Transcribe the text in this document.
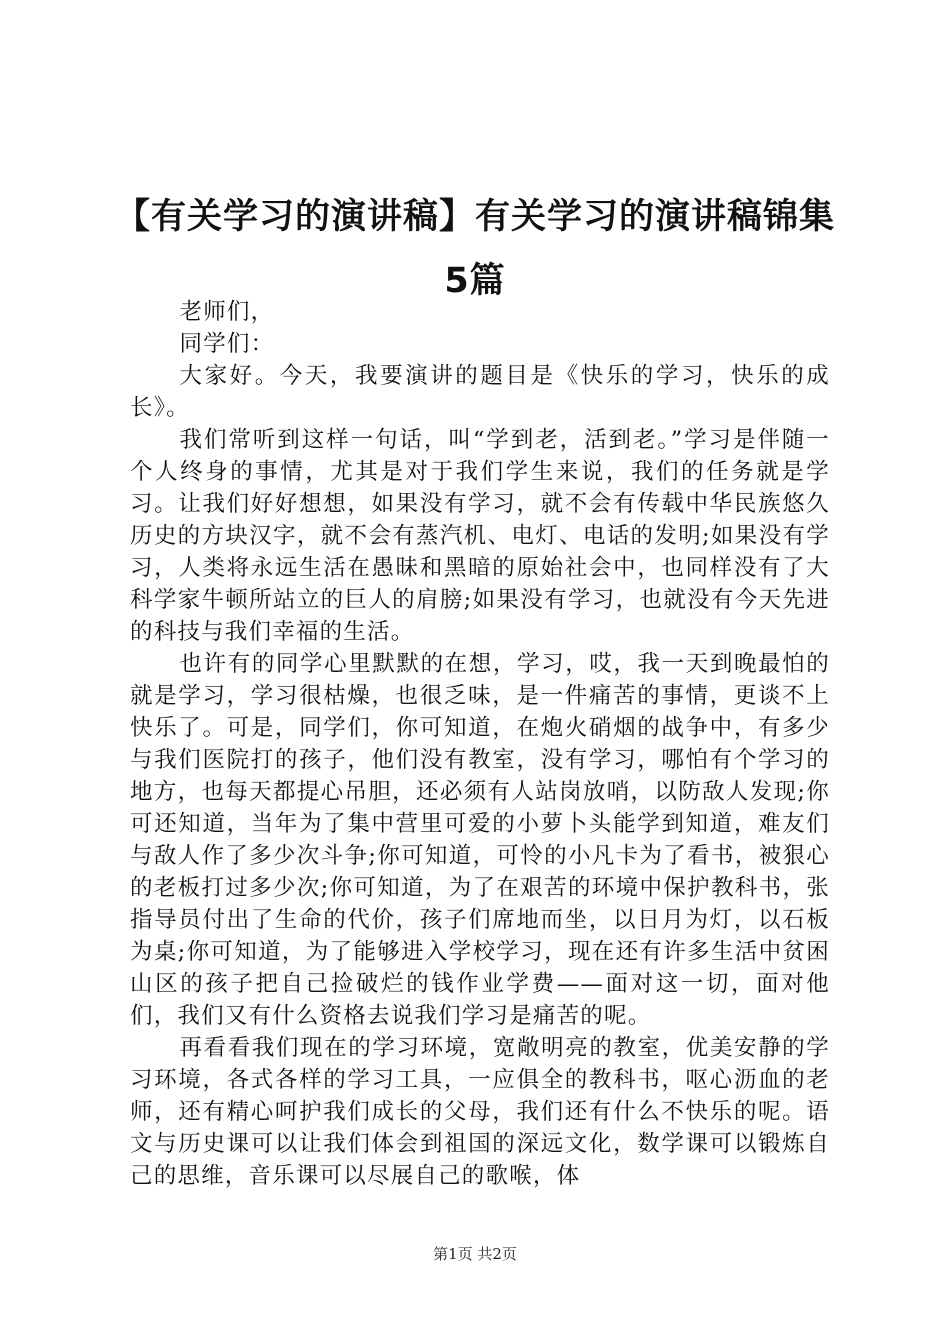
【有关学习的演讲稿】有关学习的演讲稿锦集
5篇

老师们，

同学们：

大家好。今天，我要演讲的题目是《快乐的学习，快乐的成长》。

我们常听到这样一句话，叫“学到老，活到老。”学习是伴随一个人终身的事情，尤其是对于我们学生来说，我们的任务就是学习。让我们好好想想，如果没有学习，就不会有传载中华民族悠久历史的方块汉字，就不会有蒸汽机、电灯、电话的发明;如果没有学习，人类将永远生活在愚昧和黑暗的原始社会中，也同样没有了大科学家牛顿所站立的巨人的肩膀;如果没有学习，也就没有今天先进的科技与我们幸福的生活。

也许有的同学心里默默的在想，学习，哎，我一天到晚最怕的就是学习，学习很枯燥，也很乏味，是一件痛苦的事情，更谈不上快乐了。可是，同学们，你可知道，在炮火硝烟的战争中，有多少与我们医院打的孩子，他们没有教室，没有学习，哪怕有个学习的地方，也每天都提心吊胆，还必须有人站岗放哨，以防敌人发现;你可还知道，当年为了集中营里可爱的小萝卜头能学到知道，难友们与敌人作了多少次斗争;你可知道，可怜的小凡卡为了看书，被狠心的老板打过多少次;你可知道，为了在艰苦的环境中保护教科书，张指导员付出了生命的代价，孩子们席地而坐，以日月为灯，以石板为桌;你可知道，为了能够进入学校学习，现在还有许多生活中贫困山区的孩子把自己捡破烂的钱作业学费——面对这一切，面对他们，我们又有什么资格去说我们学习是痛苦的呢。

再看看我们现在的学习环境，宽敞明亮的教室，优美安静的学习环境，各式各样的学习工具，一应俱全的教科书，呕心沥血的老师，还有精心呵护我们成长的父母，我们还有什么不快乐的呢。语文与历史课可以让我们体会到祖国的深远文化，数学课可以锻炼自己的思维，音乐课可以尽展自己的歌喉，体

第1页 共2页
